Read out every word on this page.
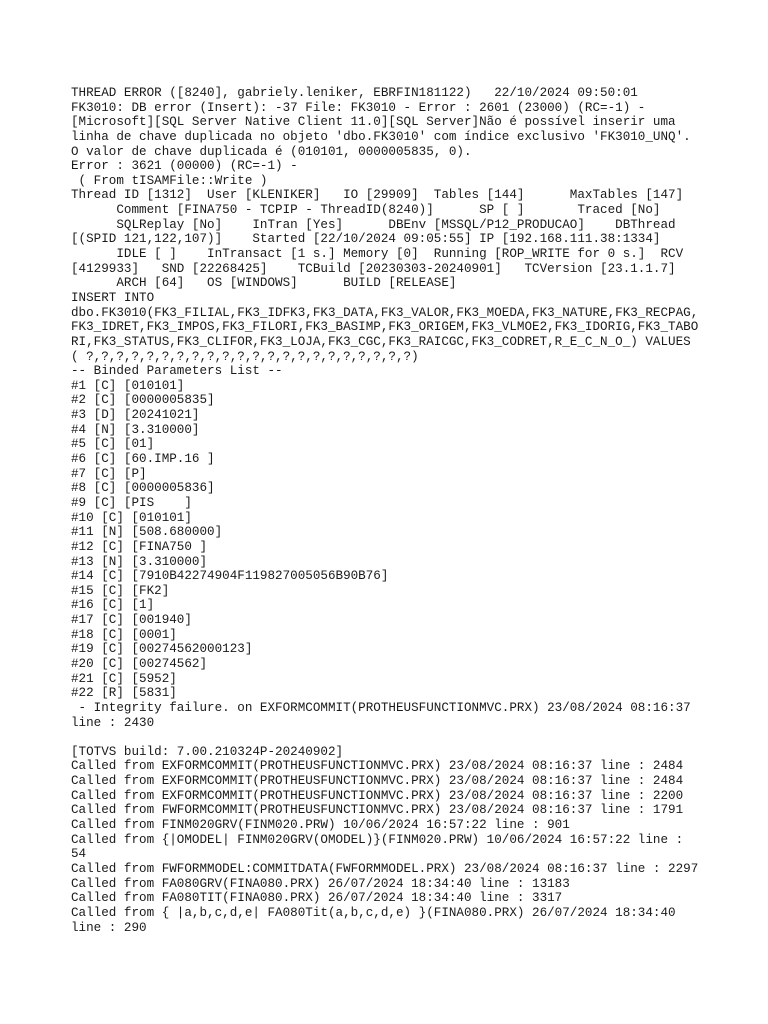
THREAD ERROR ([8240], gabriely.leniker, EBRFIN181122)   22/10/2024 09:50:01
FK3010: DB error (Insert): -37 File: FK3010 - Error : 2601 (23000) (RC=-1) -
[Microsoft][SQL Server Native Client 11.0][SQL Server]Não é possível inserir uma
linha de chave duplicada no objeto 'dbo.FK3010' com índice exclusivo 'FK3010_UNQ'.
O valor de chave duplicada é (010101, 0000005835, 0).
Error : 3621 (00000) (RC=-1) -
( From tISAMFile::Write )
Thread ID [1312]  User [KLENIKER]   IO [29909]  Tables [144]      MaxTables [147]
Comment [FINA750 - TCPIP - ThreadID(8240)]      SP [ ]       Traced [No]
SQLReplay [No]    InTran [Yes]      DBEnv [MSSQL/P12_PRODUCAO]    DBThread
[(SPID 121,122,107)]    Started [22/10/2024 09:05:55] IP [192.168.111.38:1334]
IDLE [ ]    InTransact [1 s.] Memory [0]  Running [ROP_WRITE for 0 s.]  RCV
[4129933]   SND [22268425]    TCBuild [20230303-20240901]   TCVersion [23.1.1.7]
ARCH [64]   OS [WINDOWS]      BUILD [RELEASE]
INSERT INTO
dbo.FK3010(FK3_FILIAL,FK3_IDFK3,FK3_DATA,FK3_VALOR,FK3_MOEDA,FK3_NATURE,FK3_RECPAG,
FK3_IDRET,FK3_IMPOS,FK3_FILORI,FK3_BASIMP,FK3_ORIGEM,FK3_VLMOE2,FK3_IDORIG,FK3_TABO
RI,FK3_STATUS,FK3_CLIFOR,FK3_LOJA,FK3_CGC,FK3_RAICGC,FK3_CODRET,R_E_C_N_O_) VALUES
( ?,?,?,?,?,?,?,?,?,?,?,?,?,?,?,?,?,?,?,?,?,?)
-- Binded Parameters List --
#1 [C] [010101]
#2 [C] [0000005835]
#3 [D] [20241021]
#4 [N] [3.310000]
#5 [C] [01]
#6 [C] [60.IMP.16 ]
#7 [C] [P]
#8 [C] [0000005836]
#9 [C] [PIS    ]
#10 [C] [010101]
#11 [N] [508.680000]
#12 [C] [FINA750 ]
#13 [N] [3.310000]
#14 [C] [7910B42274904F119827005056B90B76]
#15 [C] [FK2]
#16 [C] [1]
#17 [C] [001940]
#18 [C] [0001]
#19 [C] [00274562000123]
#20 [C] [00274562]
#21 [C] [5952]
#22 [R] [5831]
- Integrity failure. on EXFORMCOMMIT(PROTHEUSFUNCTIONMVC.PRX) 23/08/2024 08:16:37
line : 2430
[TOTVS build: 7.00.210324P-20240902]
Called from EXFORMCOMMIT(PROTHEUSFUNCTIONMVC.PRX) 23/08/2024 08:16:37 line : 2484
Called from EXFORMCOMMIT(PROTHEUSFUNCTIONMVC.PRX) 23/08/2024 08:16:37 line : 2484
Called from EXFORMCOMMIT(PROTHEUSFUNCTIONMVC.PRX) 23/08/2024 08:16:37 line : 2200
Called from FWFORMCOMMIT(PROTHEUSFUNCTIONMVC.PRX) 23/08/2024 08:16:37 line : 1791
Called from FINM020GRV(FINM020.PRW) 10/06/2024 16:57:22 line : 901
Called from {|OMODEL| FINM020GRV(OMODEL)}(FINM020.PRW) 10/06/2024 16:57:22 line :
54
Called from FWFORMMODEL:COMMITDATA(FWFORMMODEL.PRX) 23/08/2024 08:16:37 line : 2297
Called from FA080GRV(FINA080.PRX) 26/07/2024 18:34:40 line : 13183
Called from FA080TIT(FINA080.PRX) 26/07/2024 18:34:40 line : 3317
Called from { |a,b,c,d,e| FA080Tit(a,b,c,d,e) }(FINA080.PRX) 26/07/2024 18:34:40
line : 290
